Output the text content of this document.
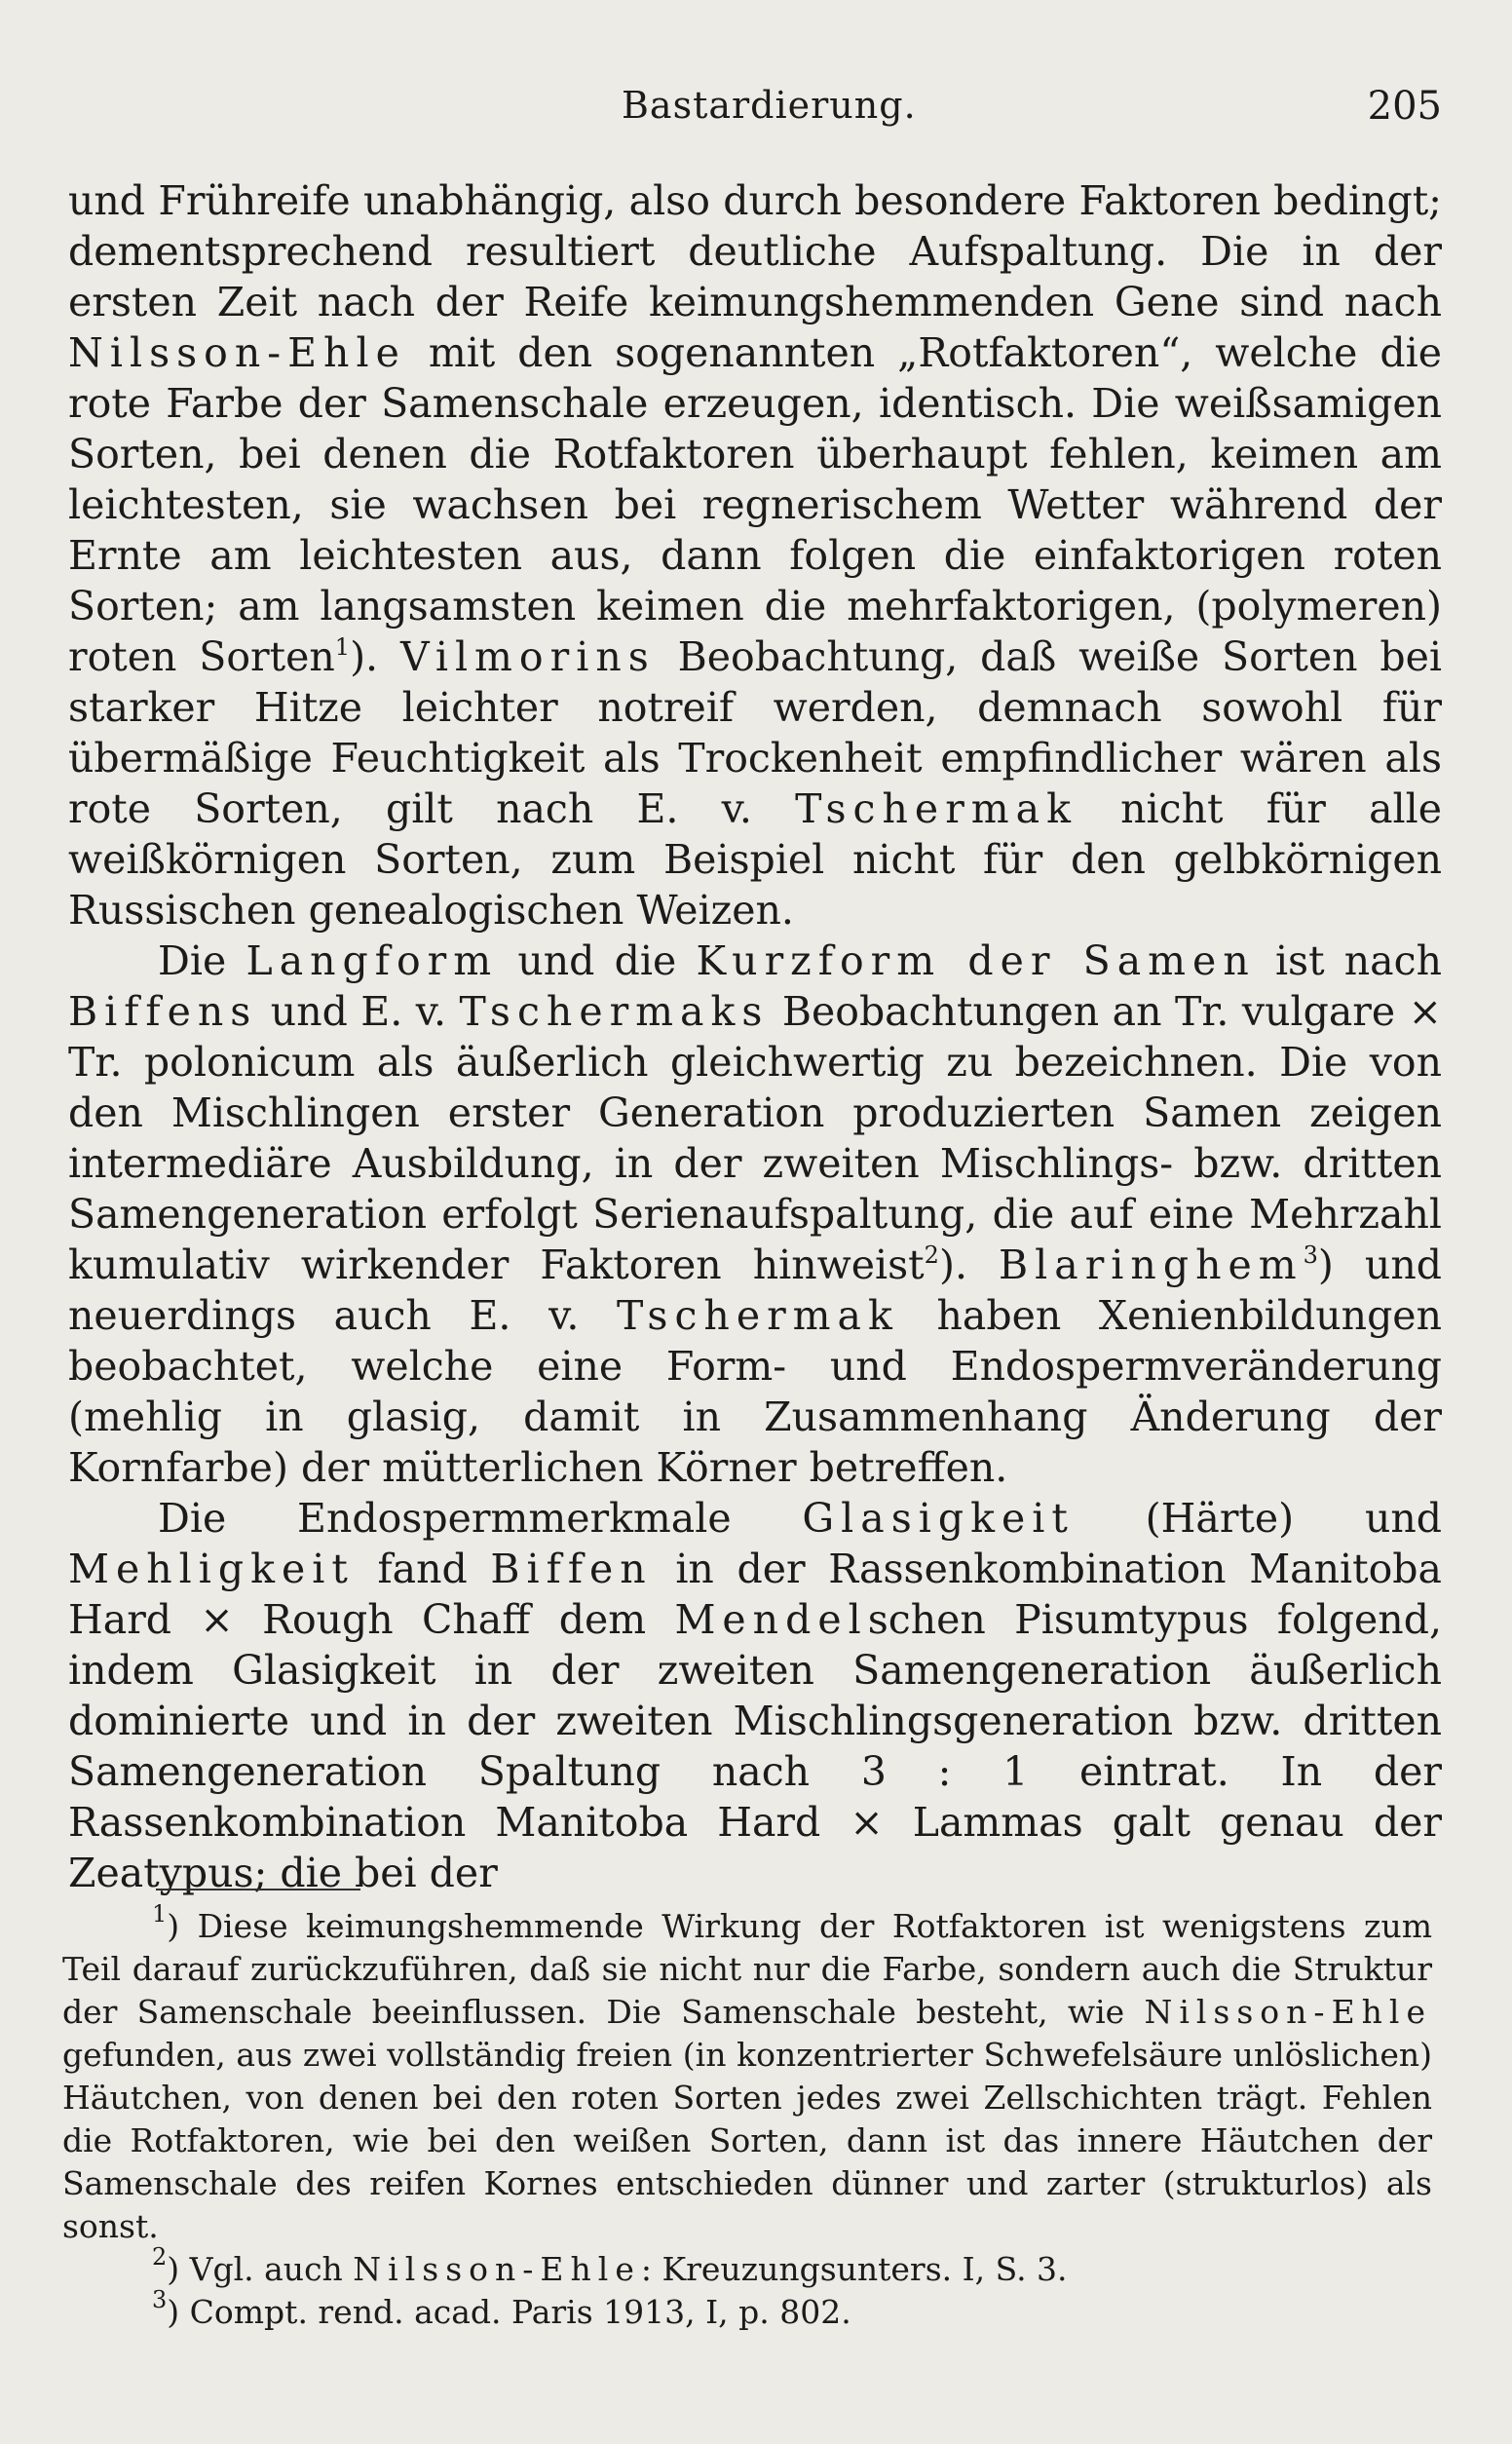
Bastardierung.	205

und Frühreife unabhängig, also durch besondere Faktoren bedingt; dementsprechend resultiert deutliche Aufspaltung. Die in der ersten Zeit nach der Reife keimungshemmenden Gene sind nach Nilsson-Ehle mit den sogenannten „Rotfaktoren“, welche die rote Farbe der Samenschale erzeugen, identisch. Die weißsamigen Sorten, bei denen die Rotfaktoren überhaupt fehlen, keimen am leichtesten, sie wachsen bei regnerischem Wetter während der Ernte am leichtesten aus, dann folgen die einfaktorigen roten Sorten; am langsamsten keimen die mehrfaktorigen, (polymeren) roten Sorten$^1$). Vilmorins Beobachtung, daß weiße Sorten bei starker Hitze leichter notreif werden, demnach sowohl für übermäßige Feuchtigkeit als Trockenheit empfindlicher wären als rote Sorten, gilt nach E. v. Tschermak nicht für alle weißkörnigen Sorten, zum Beispiel nicht für den gelbkörnigen Russischen genealogischen Weizen.

Die Langform und die Kurzform der Samen ist nach Biffens und E. v. Tschermaks Beobachtungen an Tr. vulgare × Tr. polonicum als äußerlich gleichwertig zu bezeichnen. Die von den Mischlingen erster Generation produzierten Samen zeigen intermediäre Ausbildung, in der zweiten Mischlings- bzw. dritten Samengeneration erfolgt Serienaufspaltung, die auf eine Mehrzahl kumulativ wirkender Faktoren hinweist$^2$). Blaringhem$^3$) und neuerdings auch E. v. Tschermak haben Xenienbildungen beobachtet, welche eine Form- und Endospermveränderung (mehlig in glasig, damit in Zusammenhang Änderung der Kornfarbe) der mütterlichen Körner betreffen.

Die Endospermmerkmale Glasigkeit (Härte) und Mehligkeit fand Biffen in der Rassenkombination Manitoba Hard × Rough Chaff dem Mendelschen Pisumtypus folgend, indem Glasigkeit in der zweiten Samengeneration äußerlich dominierte und in der zweiten Mischlingsgeneration bzw. dritten Samengeneration Spaltung nach 3 : 1 eintrat. In der Rassenkombination Manitoba Hard × Lammas galt genau der Zeatypus; die bei der

$^1$) Diese keimungshemmende Wirkung der Rotfaktoren ist wenigstens zum Teil darauf zurückzuführen, daß sie nicht nur die Farbe, sondern auch die Struktur der Samenschale beeinflussen. Die Samenschale besteht, wie Nilsson-Ehle gefunden, aus zwei vollständig freien (in konzentrierter Schwefelsäure unlöslichen) Häutchen, von denen bei den roten Sorten jedes zwei Zellschichten trägt. Fehlen die Rotfaktoren, wie bei den weißen Sorten, dann ist das innere Häutchen der Samenschale des reifen Kornes entschieden dünner und zarter (strukturlos) als sonst.

$^2$) Vgl. auch Nilsson-Ehle: Kreuzungsunters. I, S. 3.

$^3$) Compt. rend. acad. Paris 1913, I, p. 802.
